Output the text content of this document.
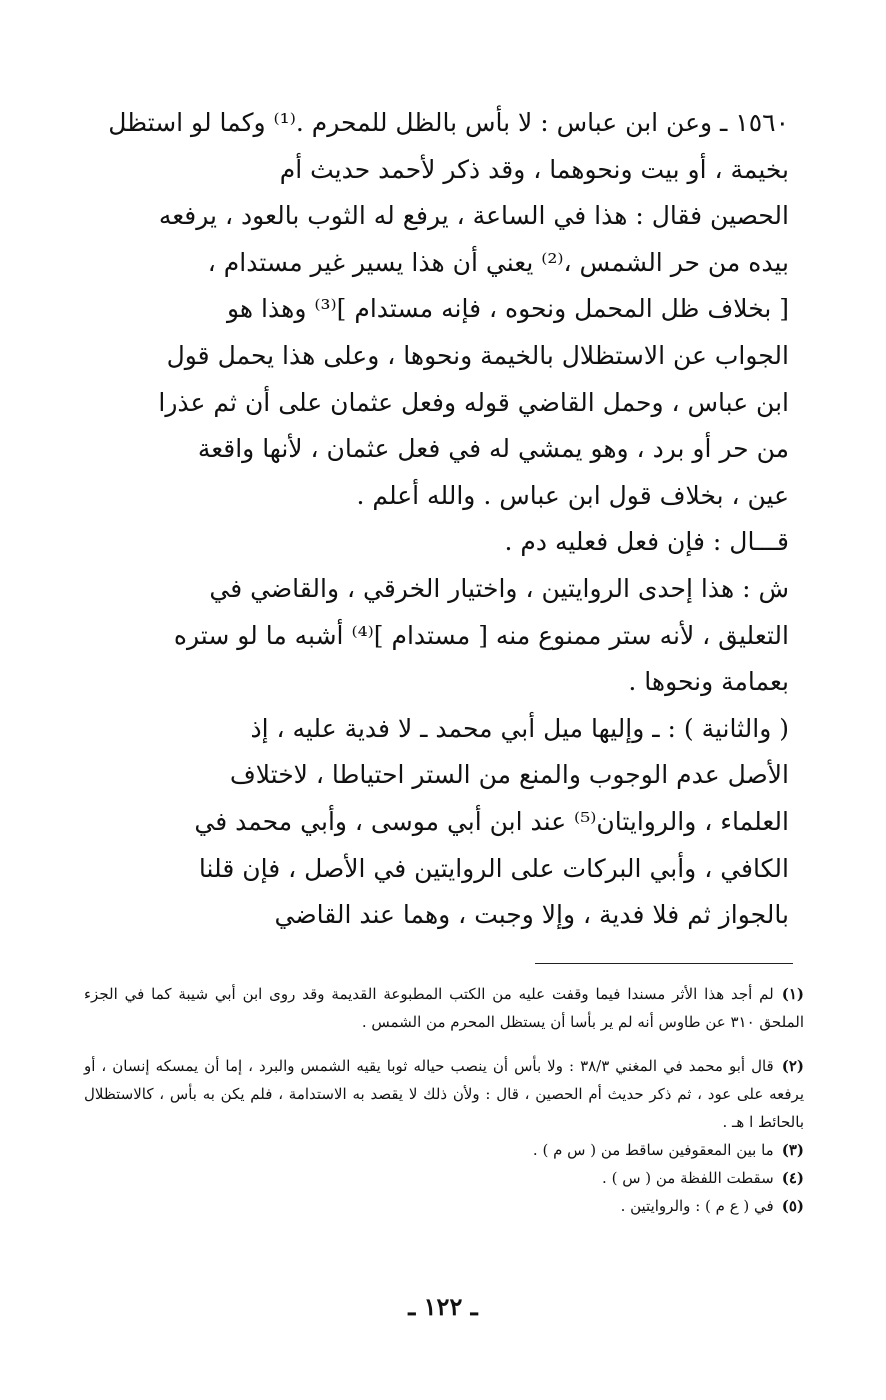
١٥٦٠ ـ وعن ابن عباس : لا بأس بالظل للمحرم .⁽¹⁾ وكما لو استظل
بخيمة ، أو بيت ونحوهما ، وقد ذكر لأحمد حديث أم
الحصين فقال : هذا في الساعة ، يرفع له الثوب بالعود ، يرفعه
بيده من حر الشمس ،⁽²⁾ يعني أن هذا يسير غير مستدام ،
[ بخلاف ظل المحمل ونحوه ، فإنه مستدام ]⁽³⁾ وهذا هو
الجواب عن الاستظلال بالخيمة ونحوها ، وعلى هذا يحمل قول
ابن عباس ، وحمل القاضي قوله وفعل عثمان على أن ثم عذرا
من حر أو برد ، وهو يمشي له في فعل عثمان ، لأنها واقعة
عين ، بخلاف قول ابن عباس . والله أعلم .

قـــال : فإن فعل فعليه دم .

ش : هذا إحدى الروايتين ، واختيار الخرقي ، والقاضي في
التعليق ، لأنه ستر ممنوع منه [ مستدام ]⁽⁴⁾ أشبه ما لو ستره
بعمامة ونحوها .

( والثانية ) : ـ وإليها ميل أبي محمد ـ لا فدية عليه ، إذ
الأصل عدم الوجوب والمنع من الستر احتياطا ، لاختلاف
العلماء ، والروايتان⁽⁵⁾ عند ابن أبي موسى ، وأبي محمد في
الكافي ، وأبي البركات على الروايتين في الأصل ، فإن قلنا
بالجواز ثم فلا فدية ، وإلا وجبت ، وهما عند القاضي

(١)لم أجد هذا الأثر مسندا فيما وقفت عليه من الكتب المطبوعة القديمة وقد روى ابن أبي شيبة كما في الجزء الملحق ٣١٠ عن طاوس أنه لم ير بأسا أن يستظل المحرم من الشمس .

(٢)قال أبو محمد في المغني ٣٨/٣ : ولا بأس أن ينصب حياله ثوبا يقيه الشمس والبرد ، إما أن يمسكه إنسان ، أو يرفعه على عود ، ثم ذكر حديث أم الحصين ، قال : ولأن ذلك لا يقصد به الاستدامة ، فلم يكن به بأس ، كالاستظلال بالحائط ا هـ .

(٣)ما بين المعقوفين ساقط من ( س م ) .

(٤)سقطت اللفظة من ( س ) .

(٥)في ( ع م ) : والروايتين .

ـ ١٢٢ ـ
